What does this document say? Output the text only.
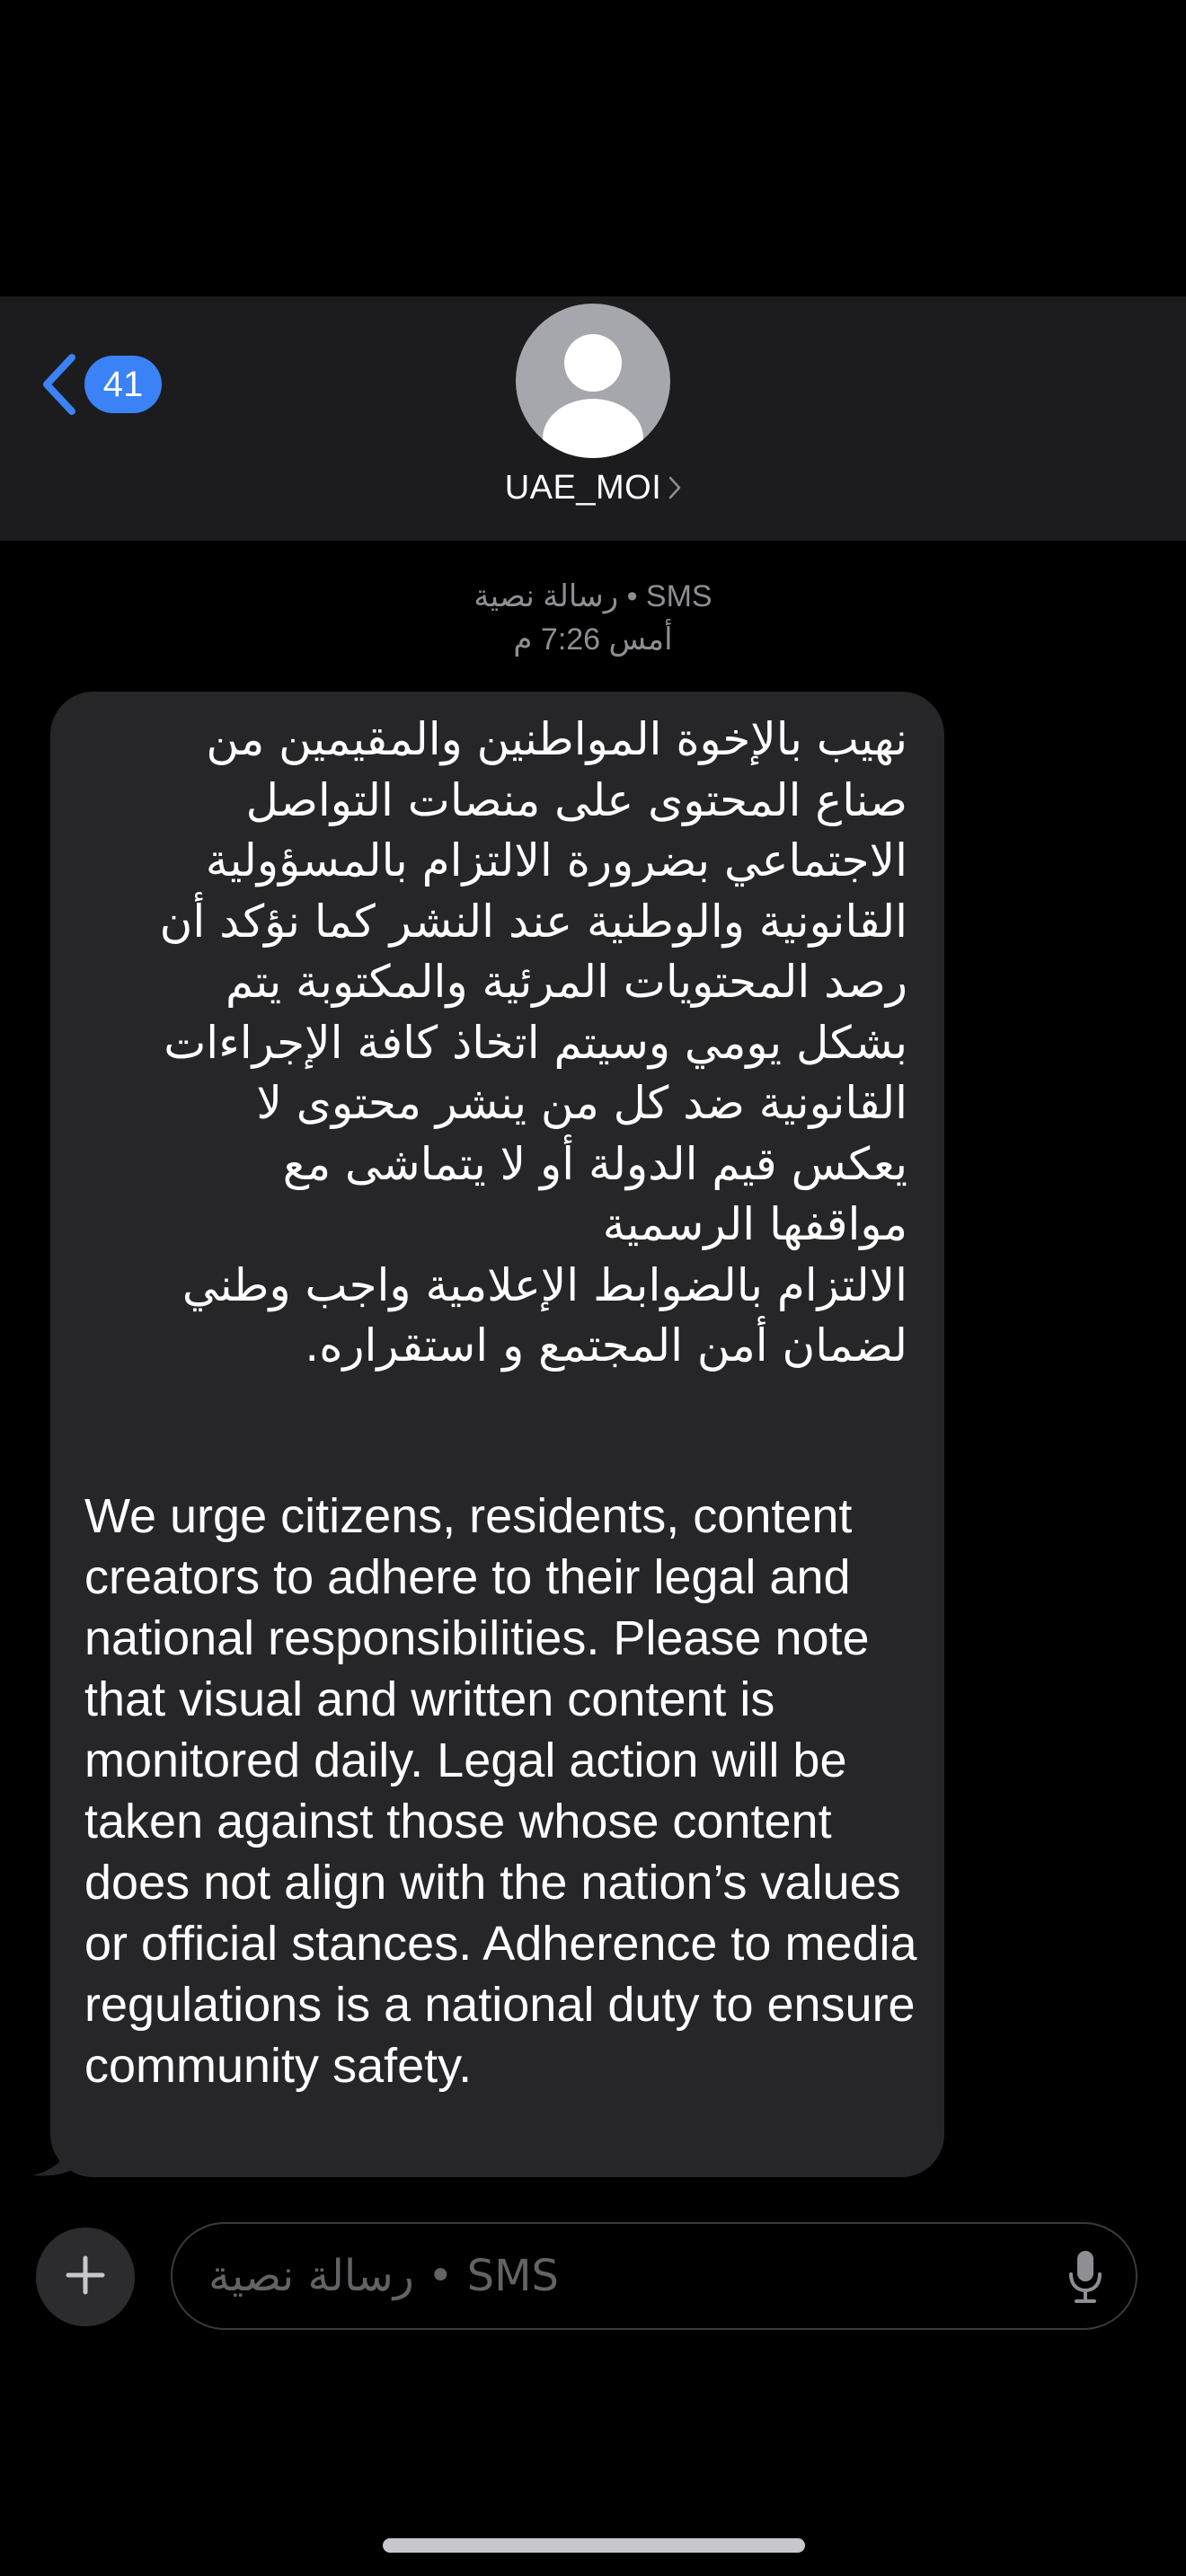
41
UAE_MOI
رسالة نصية • SMS
أمس 7:26 م
نهيب بالإخوة المواطنين والمقيمين من
صناع المحتوى على منصات التواصل
الاجتماعي بضرورة الالتزام بالمسؤولية
القانونية والوطنية عند النشر كما نؤكد أن
رصد المحتويات المرئية والمكتوبة يتم
بشكل يومي وسيتم اتخاذ كافة الإجراءات
القانونية ضد كل من ينشر محتوى لا
يعكس قيم الدولة أو لا يتماشى مع
مواقفها الرسمية
الالتزام بالضوابط الإعلامية واجب وطني
لضمان أمن المجتمع و استقراره.
We urge citizens, residents, content creators to adhere to their legal and national responsibilities. Please note that visual and written content is monitored daily. Legal action will be taken against those whose content does not align with the nation’s values or official stances. Adherence to media regulations is a national duty to ensure community safety.
رسالة نصية • SMS
